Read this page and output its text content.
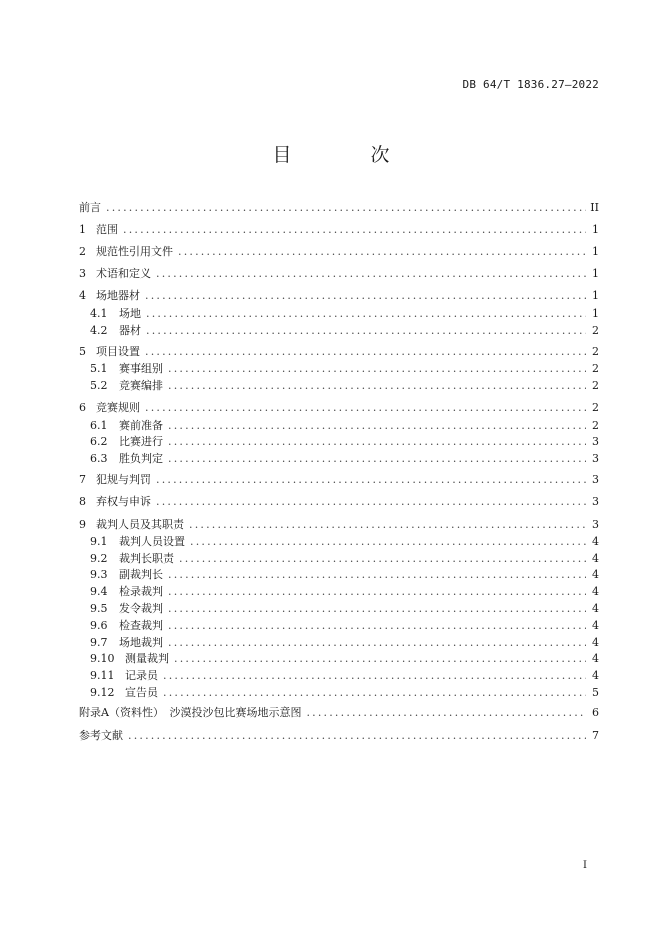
DB 64/T 1836.27—2022
目　次
前言 .....	II
1 范围 .....	1
2 规范性引用文件 .....	1
3 术语和定义 .....	1
4 场地器材 .....	1
4.1	场地 .....	1
4.2	器材 .....	2
5 项目设置 .....	2
5.1	赛事组别 .....	2
5.2	竞赛编排 .....	2
6 竞赛规则 .....	2
6.1	赛前准备 .....	2
6.2	比赛进行 .....	3
6.3	胜负判定 .....	3
7 犯规与判罚 .....	3
8 弃权与申诉 .....	3
9 裁判人员及其职责 .....	3
9.1	裁判人员设置 .....	4
9.2	裁判长职责 .....	4
9.3	副裁判长 .....	4
9.4	检录裁判 .....	4
9.5	发令裁判 .....	4
9.6	检查裁判 .....	4
9.7	场地裁判 .....	4
9.10 测量裁判 .....	4
9.11 记录员 .....	4
9.12 宣告员 .....	5
附录A（资料性）　沙漠投沙包比赛场地示意图 .....	6
参考文献 .....	7
I
